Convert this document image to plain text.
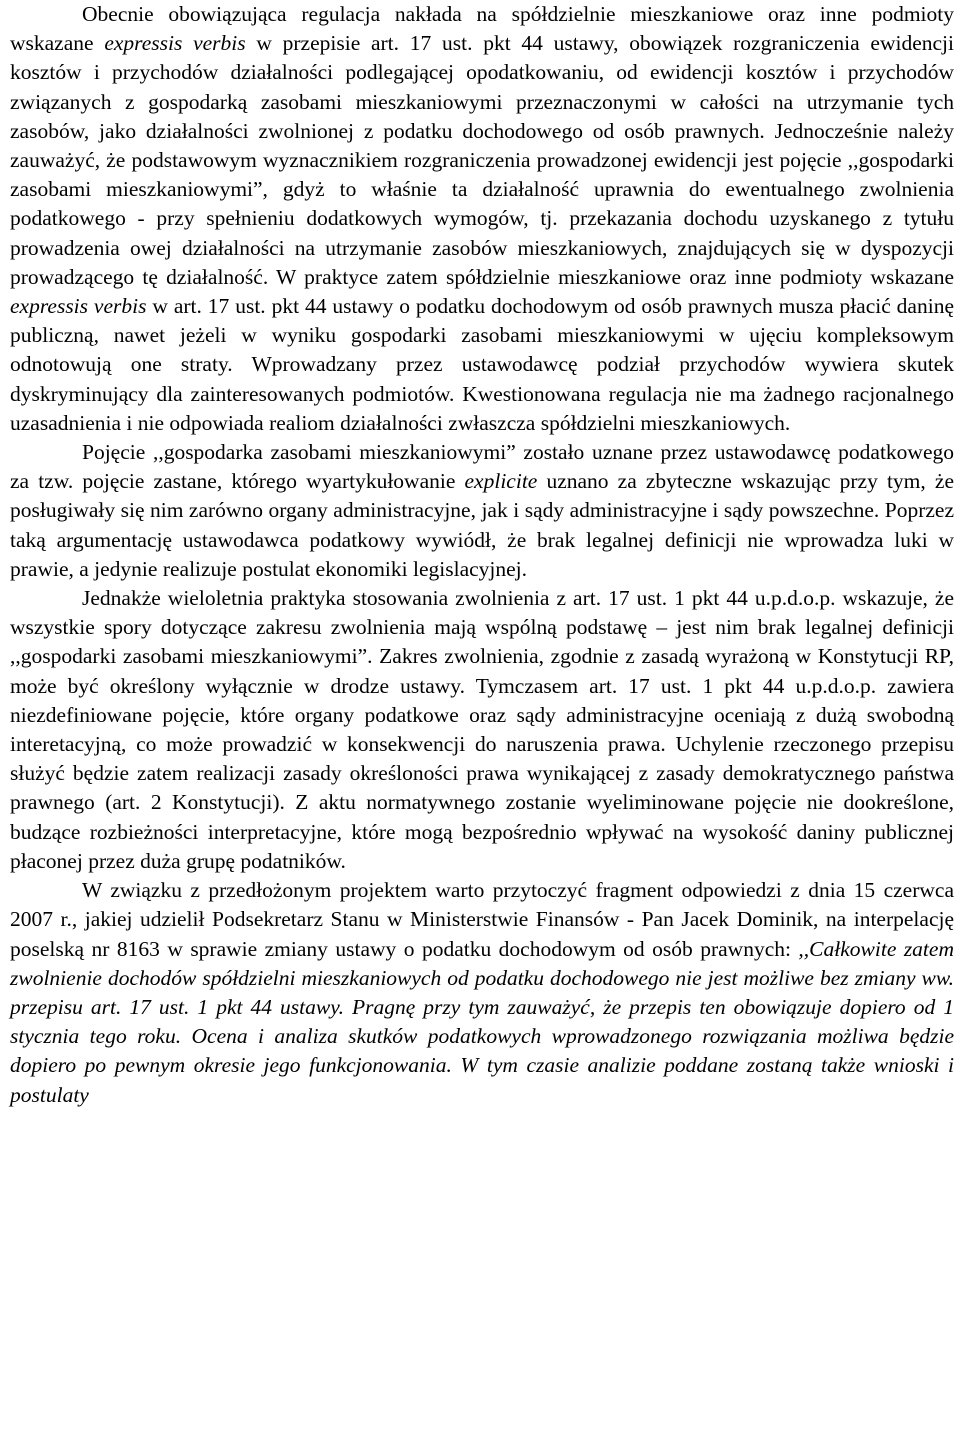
Obecnie obowiązująca regulacja nakłada na spółdzielnie mieszkaniowe oraz inne podmioty wskazane expressis verbis w przepisie art. 17 ust. pkt 44 ustawy, obowiązek rozgraniczenia ewidencji kosztów i przychodów działalności podlegającej opodatkowaniu, od ewidencji kosztów i przychodów związanych z gospodarką zasobami mieszkaniowymi przeznaczonymi w całości na utrzymanie tych zasobów, jako działalności zwolnionej z podatku dochodowego od osób prawnych. Jednocześnie należy zauważyć, że podstawowym wyznacznikiem rozgraniczenia prowadzonej ewidencji jest pojęcie ,,gospodarki zasobami mieszkaniowymi”, gdyż to właśnie ta działalność uprawnia do ewentualnego zwolnienia podatkowego - przy spełnieniu dodatkowych wymogów, tj. przekazania dochodu uzyskanego z tytułu prowadzenia owej działalności na utrzymanie zasobów mieszkaniowych, znajdujących się w dyspozycji prowadzącego tę działalność. W praktyce zatem spółdzielnie mieszkaniowe oraz inne podmioty wskazane expressis verbis w art. 17 ust. pkt 44 ustawy o podatku dochodowym od osób prawnych musza płacić daninę publiczną, nawet jeżeli w wyniku gospodarki zasobami mieszkaniowymi w ujęciu kompleksowym odnotowują one straty. Wprowadzany przez ustawodawcę podział przychodów wywiera skutek dyskryminujący dla zainteresowanych podmiotów. Kwestionowana regulacja nie ma żadnego racjonalnego uzasadnienia i nie odpowiada realiom działalności zwłaszcza spółdzielni mieszkaniowych.

Pojęcie ,,gospodarka zasobami mieszkaniowymi” zostało uznane przez ustawodawcę podatkowego za tzw. pojęcie zastane, którego wyartykułowanie explicite uznano za zbyteczne wskazując przy tym, że posługiwały się nim zarówno organy administracyjne, jak i sądy administracyjne i sądy powszechne. Poprzez taką argumentację ustawodawca podatkowy wywiódł, że brak legalnej definicji nie wprowadza luki w prawie, a jedynie realizuje postulat ekonomiki legislacyjnej.

Jednakże wieloletnia praktyka stosowania zwolnienia z art. 17 ust. 1 pkt 44 u.p.d.o.p. wskazuje, że wszystkie spory dotyczące zakresu zwolnienia mają wspólną podstawę – jest nim brak legalnej definicji ,,gospodarki zasobami mieszkaniowymi”. Zakres zwolnienia, zgodnie z zasadą wyrażoną w Konstytucji RP, może być określony wyłącznie w drodze ustawy. Tymczasem art. 17 ust. 1 pkt 44 u.p.d.o.p. zawiera niezdefiniowane pojęcie, które organy podatkowe oraz sądy administracyjne oceniają z dużą swobodną interetacyjną, co może prowadzić w konsekwencji do naruszenia prawa. Uchylenie rzeczonego przepisu służyć będzie zatem realizacji zasady określoności prawa wynikającej z zasady demokratycznego państwa prawnego (art. 2 Konstytucji). Z aktu normatywnego zostanie wyeliminowane pojęcie nie dookreślone, budzące rozbieżności interpretacyjne, które mogą bezpośrednio wpływać na wysokość daniny publicznej płaconej przez duża grupę podatników.

W związku z przedłożonym projektem warto przytoczyć fragment odpowiedzi z dnia 15 czerwca 2007 r., jakiej udzielił Podsekretarz Stanu w Ministerstwie Finansów - Pan Jacek Dominik, na interpelację poselską nr 8163 w sprawie zmiany ustawy o podatku dochodowym od osób prawnych: ,,Całkowite zatem zwolnienie dochodów spółdzielni mieszkaniowych od podatku dochodowego nie jest możliwe bez zmiany ww. przepisu art. 17 ust. 1 pkt 44 ustawy. Pragnę przy tym zauważyć, że przepis ten obowiązuje dopiero od 1 stycznia tego roku. Ocena i analiza skutków podatkowych wprowadzonego rozwiązania możliwa będzie dopiero po pewnym okresie jego funkcjonowania. W tym czasie analizie poddane zostaną także wnioski i postulaty
